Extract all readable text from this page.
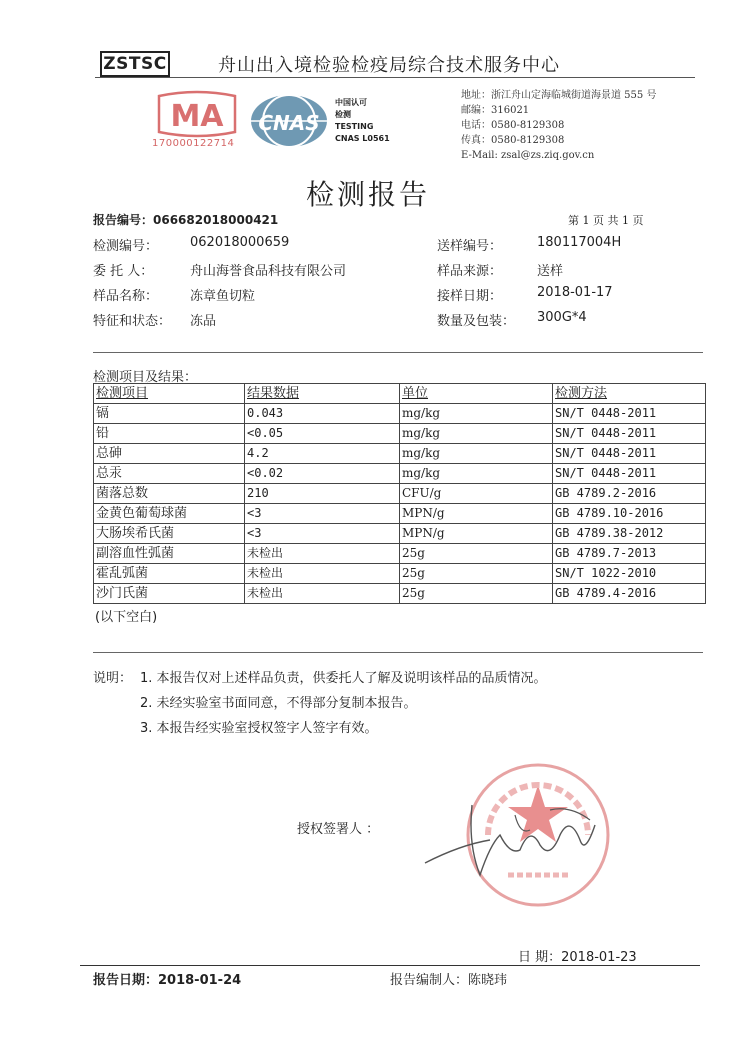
ZSTSC	舟山出入境检验检疫局综合技术服务中心
MA
170000122714
CNAS
中国认可
检测
TESTING
CNAS L0561
地址：浙江舟山定海临城街道海景道 555 号
邮编：316021
电话：0580-8129308
传真：0580-8129308
E-Mail: zsal@zs.ziq.gov.cn
检测报告
报告编号：066682018000421	第 1 页 共 1 页
检测编号： 062018000659
委 托 人：	舟山海誉食品科技有限公司
样品名称： 冻章鱼切粒
特征和状态： 冻品
送样编号：	180117004H
样品来源：	送样
接样日期：	2018-01-17
数量及包装： 300G*4
检测项目及结果：
检测项目	结果数据	单位	检测方法
镉	0.043	mg/kg	SN/T 0448-2011
铅	<0.05	mg/kg	SN/T 0448-2011
总砷	4.2	mg/kg	SN/T 0448-2011
总汞	<0.02	mg/kg	SN/T 0448-2011
菌落总数	210	CFU/g	GB 4789.2-2016
金黄色葡萄球菌	<3	MPN/g	GB 4789.10-2016
大肠埃希氏菌	<3	MPN/g	GB 4789.38-2012
副溶血性弧菌	未检出	25g	GB 4789.7-2013
霍乱弧菌	未检出	25g	SN/T 1022-2010
沙门氏菌	未检出	25g	GB 4789.4-2016
(以下空白)
说明： 1. 本报告仅对上述样品负责，供委托人了解及说明该样品的品质情况。
2. 未经实验室书面同意，不得部分复制本报告。
3. 本报告经实验室授权签字人签字有效。
授权签署人 ：
日 期：2018-01-23
报告日期：2018-01-24	报告编制人：陈晓玮
